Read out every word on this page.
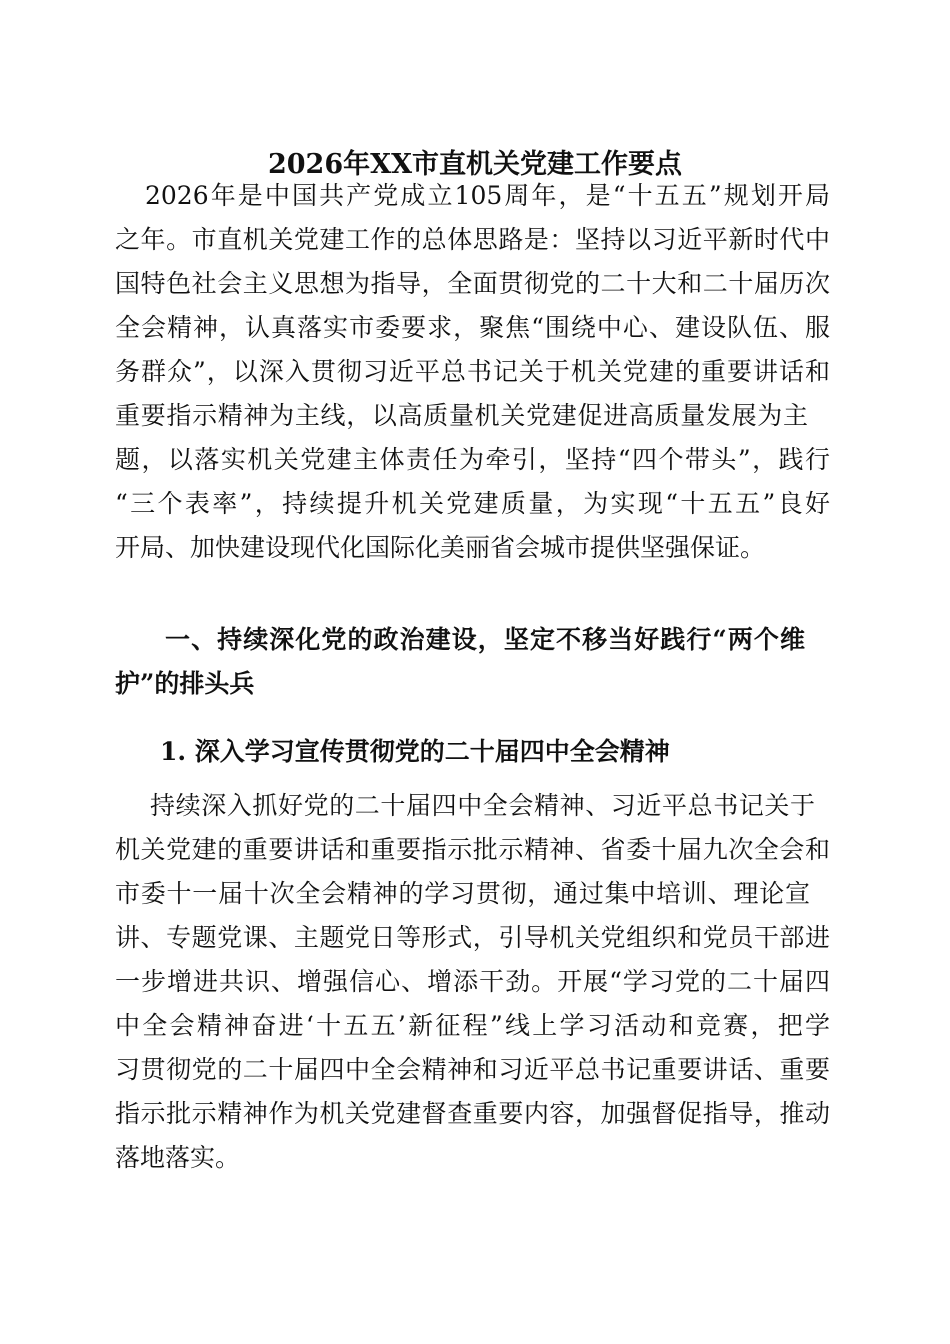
2026年XX市直机关党建工作要点
2026年是中国共产党成立105周年，是“十五五”规划开局
之年。市直机关党建工作的总体思路是：坚持以习近平新时代中
国特色社会主义思想为指导，全面贯彻党的二十大和二十届历次
全会精神，认真落实市委要求，聚焦“围绕中心、建设队伍、服
务群众”，以深入贯彻习近平总书记关于机关党建的重要讲话和
重要指示精神为主线，以高质量机关党建促进高质量发展为主
题，以落实机关党建主体责任为牵引，坚持“四个带头”，践行
“三个表率”，持续提升机关党建质量，为实现“十五五”良好
开局、加快建设现代化国际化美丽省会城市提供坚强保证。
一、持续深化党的政治建设，坚定不移当好践行“两个维
护”的排头兵
1. 深入学习宣传贯彻党的二十届四中全会精神
持续深入抓好党的二十届四中全会精神、习近平总书记关于
机关党建的重要讲话和重要指示批示精神、省委十届九次全会和
市委十一届十次全会精神的学习贯彻，通过集中培训、理论宣
讲、专题党课、主题党日等形式，引导机关党组织和党员干部进
一步增进共识、增强信心、增添干劲。开展“学习党的二十届四
中全会精神奋进‘十五五’新征程”线上学习活动和竞赛，把学
习贯彻党的二十届四中全会精神和习近平总书记重要讲话、重要
指示批示精神作为机关党建督查重要内容，加强督促指导，推动
落地落实。
